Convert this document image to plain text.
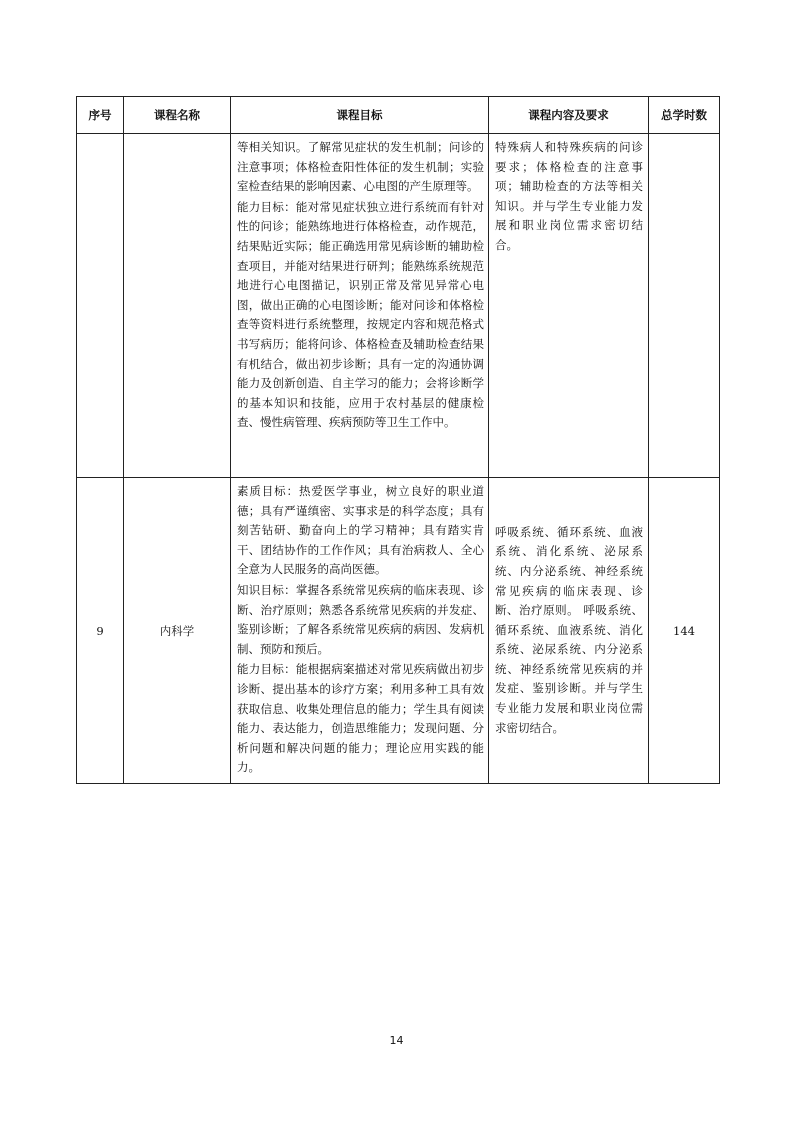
序号	课程名称	课程目标	课程内容及要求	总学时数

		等相关知识。了解常见症状的发生机制；问诊的注意事项；体格检查阳性体征的发生机制；实验室检查结果的影响因素、心电图的产生原理等。

能力目标：能对常见症状独立进行系统而有针对性的问诊；能熟练地进行体格检查，动作规范，结果贴近实际；能正确选用常见病诊断的辅助检查项目，并能对结果进行研判；能熟练系统规范地进行心电图描记，识别正常及常见异常心电图，做出正确的心电图诊断；能对问诊和体格检查等资料进行系统整理，按规定内容和规范格式书写病历；能将问诊、体格检查及辅助检查结果有机结合，做出初步诊断；具有一定的沟通协调能力及创新创造、自主学习的能力；会将诊断学的基本知识和技能，应用于农村基层的健康检查、慢性病管理、疾病预防等卫生工作中。	特殊病人和特殊疾病的问诊要求；体格检查的注意事项；辅助检查的方法等相关知识。并与学生专业能力发展和职业岗位需求密切结合。	

9	内科学	素质目标：热爱医学事业，树立良好的职业道德；具有严谨缜密、实事求是的科学态度；具有刻苦钻研、勤奋向上的学习精神；具有踏实肯干、团结协作的工作作风；具有治病救人、全心全意为人民服务的高尚医德。

知识目标：掌握各系统常见疾病的临床表现、诊断、治疗原则；熟悉各系统常见疾病的并发症、鉴别诊断；了解各系统常见疾病的病因、发病机制、预防和预后。

能力目标：能根据病案描述对常见疾病做出初步诊断、提出基本的诊疗方案；利用多种工具有效获取信息、收集处理信息的能力；学生具有阅读能力、表达能力，创造思维能力；发现问题、分析问题和解决问题的能力；理论应用实践的能力。	呼吸系统、循环系统、血液系统、消化系统、泌尿系统、内分泌系统、神经系统常见疾病的临床表现、诊断、治疗原则。 呼吸系统、循环系统、血液系统、消化系统、泌尿系统、内分泌系统、神经系统常见疾病的并发症、鉴别诊断。并与学生专业能力发展和职业岗位需求密切结合。	144
14
